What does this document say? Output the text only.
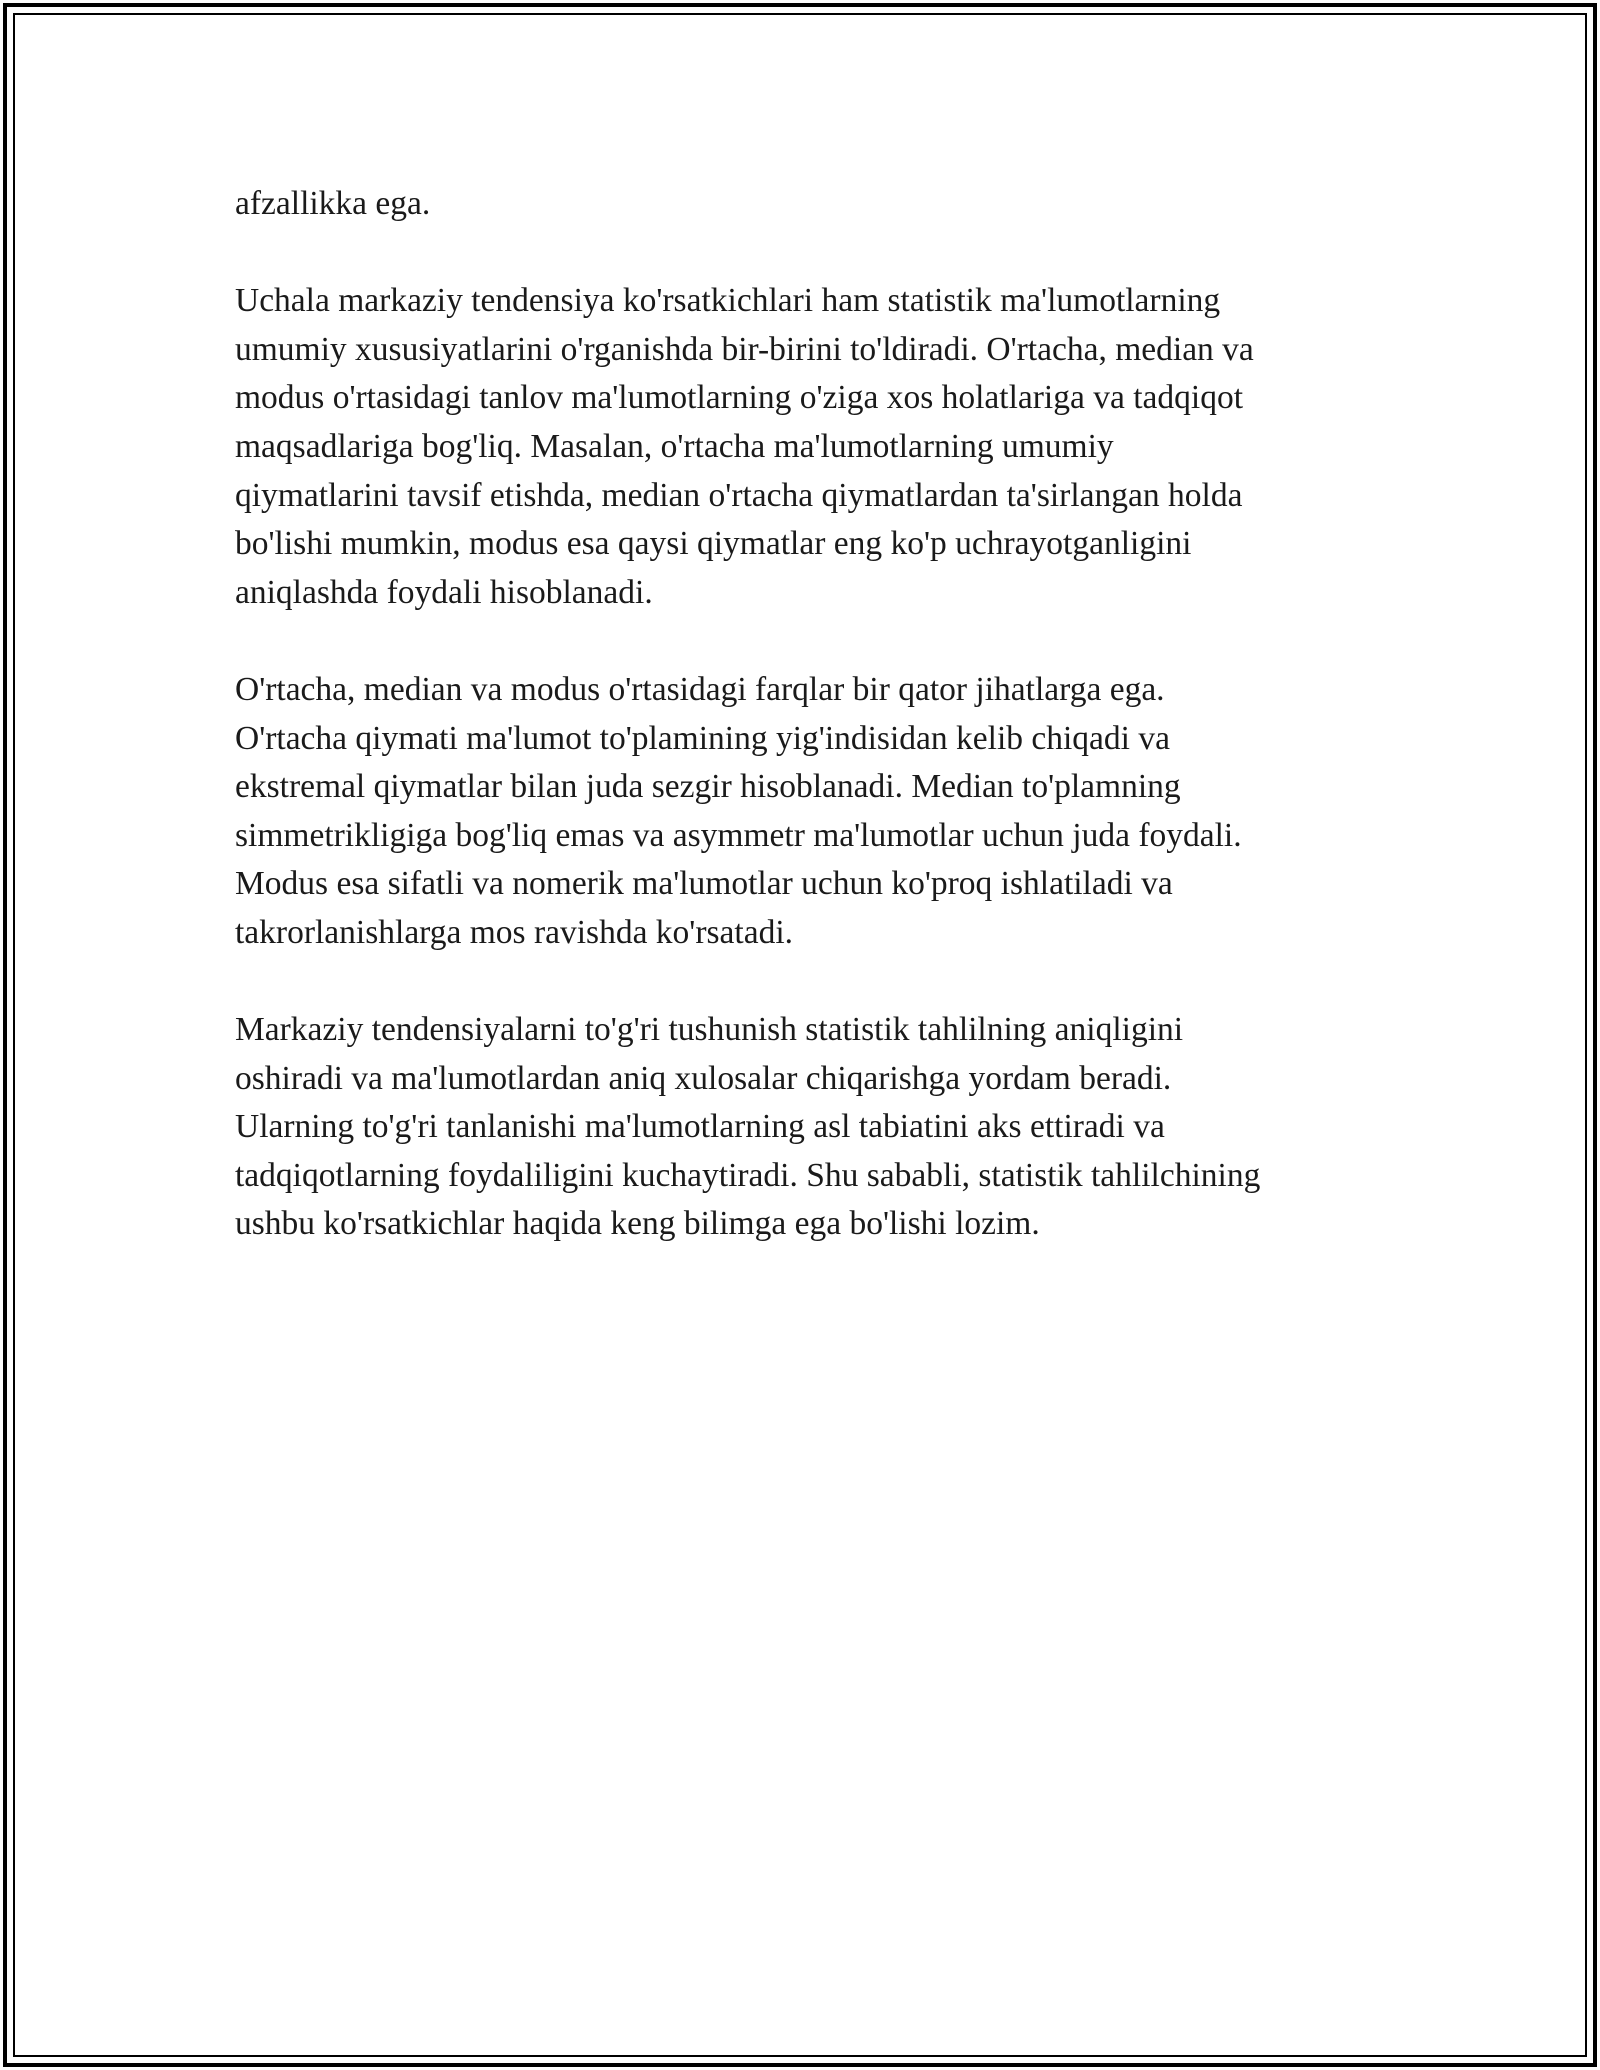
afzallikka ega.

Uchala markaziy tendensiya ko'rsatkichlari ham statistik ma'lumotlarning
umumiy xususiyatlarini o'rganishda bir-birini to'ldiradi. O'rtacha, median va
modus o'rtasidagi tanlov ma'lumotlarning o'ziga xos holatlariga va tadqiqot
maqsadlariga bog'liq. Masalan, o'rtacha ma'lumotlarning umumiy
qiymatlarini tavsif etishda, median o'rtacha qiymatlardan ta'sirlangan holda
bo'lishi mumkin, modus esa qaysi qiymatlar eng ko'p uchrayotganligini
aniqlashda foydali hisoblanadi.

O'rtacha, median va modus o'rtasidagi farqlar bir qator jihatlarga ega.
O'rtacha qiymati ma'lumot to'plamining yig'indisidan kelib chiqadi va
ekstremal qiymatlar bilan juda sezgir hisoblanadi. Median to'plamning
simmetrikligiga bog'liq emas va asymmetr ma'lumotlar uchun juda foydali.
Modus esa sifatli va nomerik ma'lumotlar uchun ko'proq ishlatiladi va
takrorlanishlarga mos ravishda ko'rsatadi.

Markaziy tendensiyalarni to'g'ri tushunish statistik tahlilning aniqligini
oshiradi va ma'lumotlardan aniq xulosalar chiqarishga yordam beradi.
Ularning to'g'ri tanlanishi ma'lumotlarning asl tabiatini aks ettiradi va
tadqiqotlarning foydaliligini kuchaytiradi. Shu sababli, statistik tahlilchining
ushbu ko'rsatkichlar haqida keng bilimga ega bo'lishi lozim.
